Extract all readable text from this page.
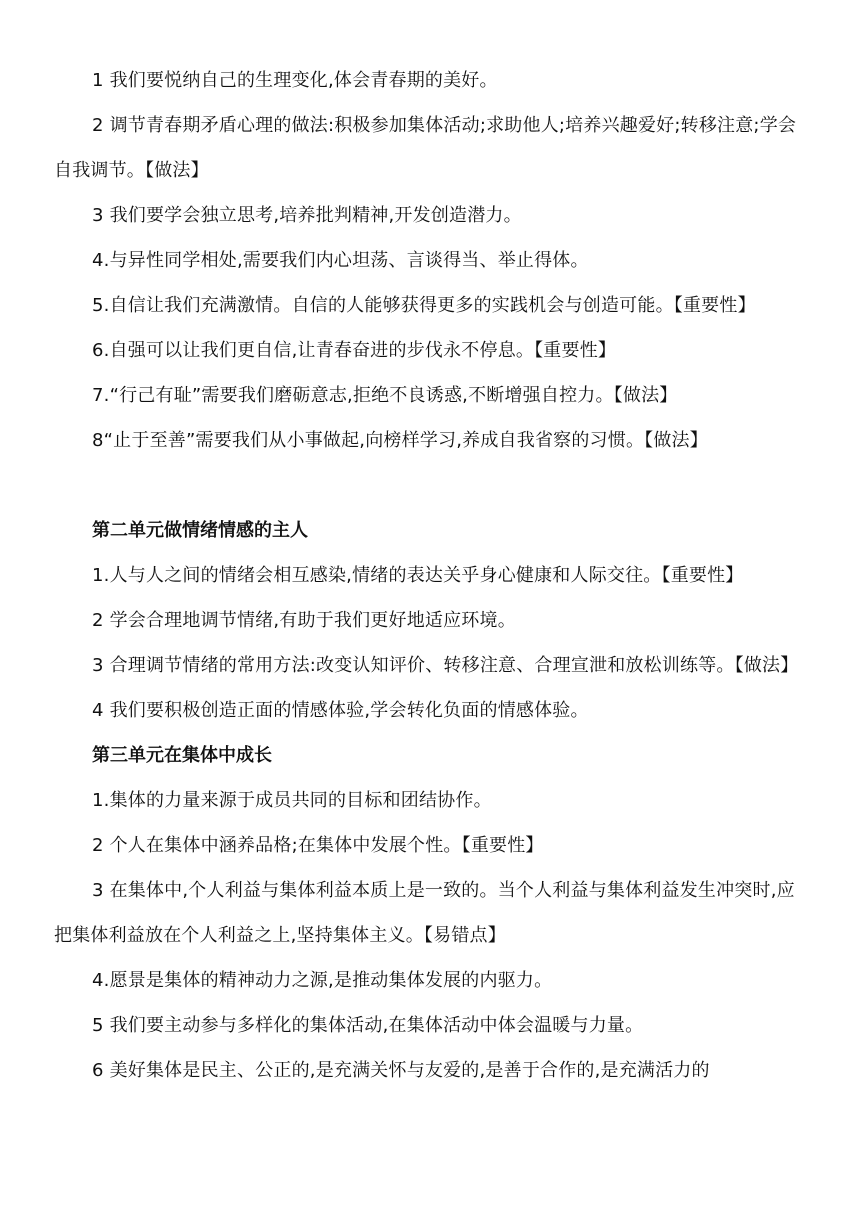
1 我们要悦纳自己的生理变化,体会青春期的美好。

2 调节青春期矛盾心理的做法:积极参加集体活动;求助他人;培养兴趣爱好;转移注意;学会自我调节。【做法】

3 我们要学会独立思考,培养批判精神,开发创造潜力。

4.与异性同学相处,需要我们内心坦荡、言谈得当、举止得体。

5.自信让我们充满激情。自信的人能够获得更多的实践机会与创造可能。【重要性】

6.自强可以让我们更自信,让青春奋进的步伐永不停息。【重要性】

7.“行己有耻”需要我们磨砺意志,拒绝不良诱惑,不断增强自控力。【做法】

8“止于至善”需要我们从小事做起,向榜样学习,养成自我省察的习惯。【做法】

第二单元做情绪情感的主人

1.人与人之间的情绪会相互感染,情绪的表达关乎身心健康和人际交往。【重要性】

2 学会合理地调节情绪,有助于我们更好地适应环境。

3 合理调节情绪的常用方法:改变认知评价、转移注意、合理宣泄和放松训练等。【做法】

4 我们要积极创造正面的情感体验,学会转化负面的情感体验。

第三单元在集体中成长

1.集体的力量来源于成员共同的目标和团结协作。

2 个人在集体中涵养品格;在集体中发展个性。【重要性】

3 在集体中,个人利益与集体利益本质上是一致的。当个人利益与集体利益发生冲突时,应把集体利益放在个人利益之上,坚持集体主义。【易错点】

4.愿景是集体的精神动力之源,是推动集体发展的内驱力。

5 我们要主动参与多样化的集体活动,在集体活动中体会温暖与力量。

6 美好集体是民主、公正的,是充满关怀与友爱的,是善于合作的,是充满活力的
